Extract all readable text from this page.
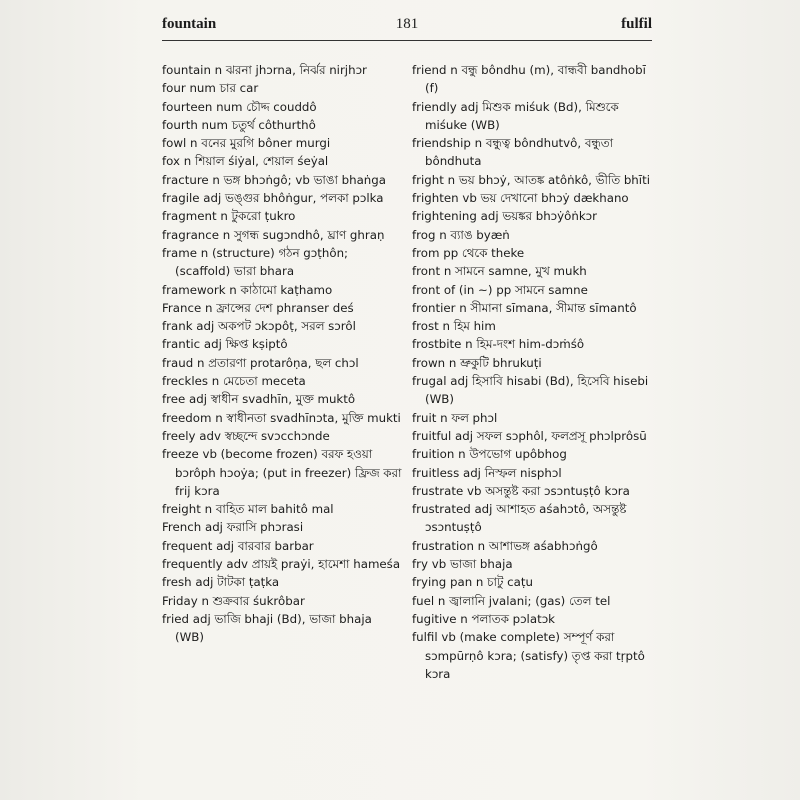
fountain	181	fulfil
fountain n ঝরনা jhɔrna, নির্ঝর nirjhɔr
four num চার car
fourteen num চৌদ্দ couddô
fourth num চতুর্থ côthurthô
fowl n বনের মুরগি bôner murgi
fox n শিয়াল śiẏal, শেয়াল śeẏal
fracture n ভঙ্গ bhɔṅgô; vb ভাঙা bhaṅga
fragile adj ভঙ্গুর bhôṅgur, পলকা pɔlka
fragment n টুকরো ṭukro
fragrance n সুগন্ধ sugɔndhô, ঘ্রাণ ghraṇ
frame n (structure) গঠন gɔṭhôn; (scaffold) ভারা bhara
framework n কাঠামো kaṭhamo
France n ফ্রান্সের দেশ phranser deś
frank adj অকপট ɔkɔpôṭ, সরল sɔrôl
frantic adj ক্ষিপ্ত kṣiptô
fraud n প্রতারণা protarôṇa, ছল chɔl
freckles n মেচেতা meceta
free adj স্বাধীন svadhīn, মুক্ত muktô
freedom n স্বাধীনতা svadhīnɔta, মুক্তি mukti
freely adv স্বচ্ছন্দে svɔcchɔnde
freeze vb (become frozen) বরফ হওয়া bɔrôph hɔoẏa; (put in freezer) ফ্রিজ করা frij kɔra
freight n বাহিত মাল bahitô mal
French adj ফরাসি phɔrasi
frequent adj বারবার barbar
frequently adv প্রায়ই praẏi, হামেশা hameśa
fresh adj টাটকা ṭaṭka
Friday n শুক্রবার śukrôbar
fried adj ভাজি bhaji (Bd), ভাজা bhaja (WB)
friend n বন্ধু bôndhu (m), বান্ধবী bandhobī (f)
friendly adj মিশুক miśuk (Bd), মিশুকে miśuke (WB)
friendship n বন্ধুত্ব bôndhutvô, বন্ধুতা bôndhuta
fright n ভয় bhɔẏ, আতঙ্ক atôṅkô, ভীতি bhīti
frighten vb ভয় দেখানো bhɔẏ dækhano
frightening adj ভয়ঙ্কর bhɔẏôṅkɔr
frog n ব্যাঙ byæṅ
from pp থেকে theke
front n সামনে samne, মুখ mukh
front of (in ~) pp সামনে samne
frontier n সীমানা sīmana, সীমান্ত sīmantô
frost n হিম him
frostbite n হিম-দংশ him-dɔṁśô
frown n ভ্রুকুটি bhrukuṭi
frugal adj হিসাবি hisabi (Bd), হিসেবি hisebi (WB)
fruit n ফল phɔl
fruitful adj সফল sɔphôl, ফলপ্রসূ phɔlprôsū
fruition n উপভোগ upôbhog
fruitless adj নিস্ফল nisphɔl
frustrate vb অসন্তুষ্ট করা ɔsɔntuṣṭô kɔra
frustrated adj আশাহত aśahɔtô, অসন্তুষ্ট ɔsɔntuṣṭô
frustration n আশাভঙ্গ aśabhɔṅgô
fry vb ভাজা bhaja
frying pan n চাটু caṭu
fuel n জ্বালানি jvalani; (gas) তেল tel
fugitive n পলাতক pɔlatɔk
fulfil vb (make complete) সম্পূর্ণ করা sɔmpūrṇô kɔra; (satisfy) তৃপ্ত করা tṛptô kɔra
